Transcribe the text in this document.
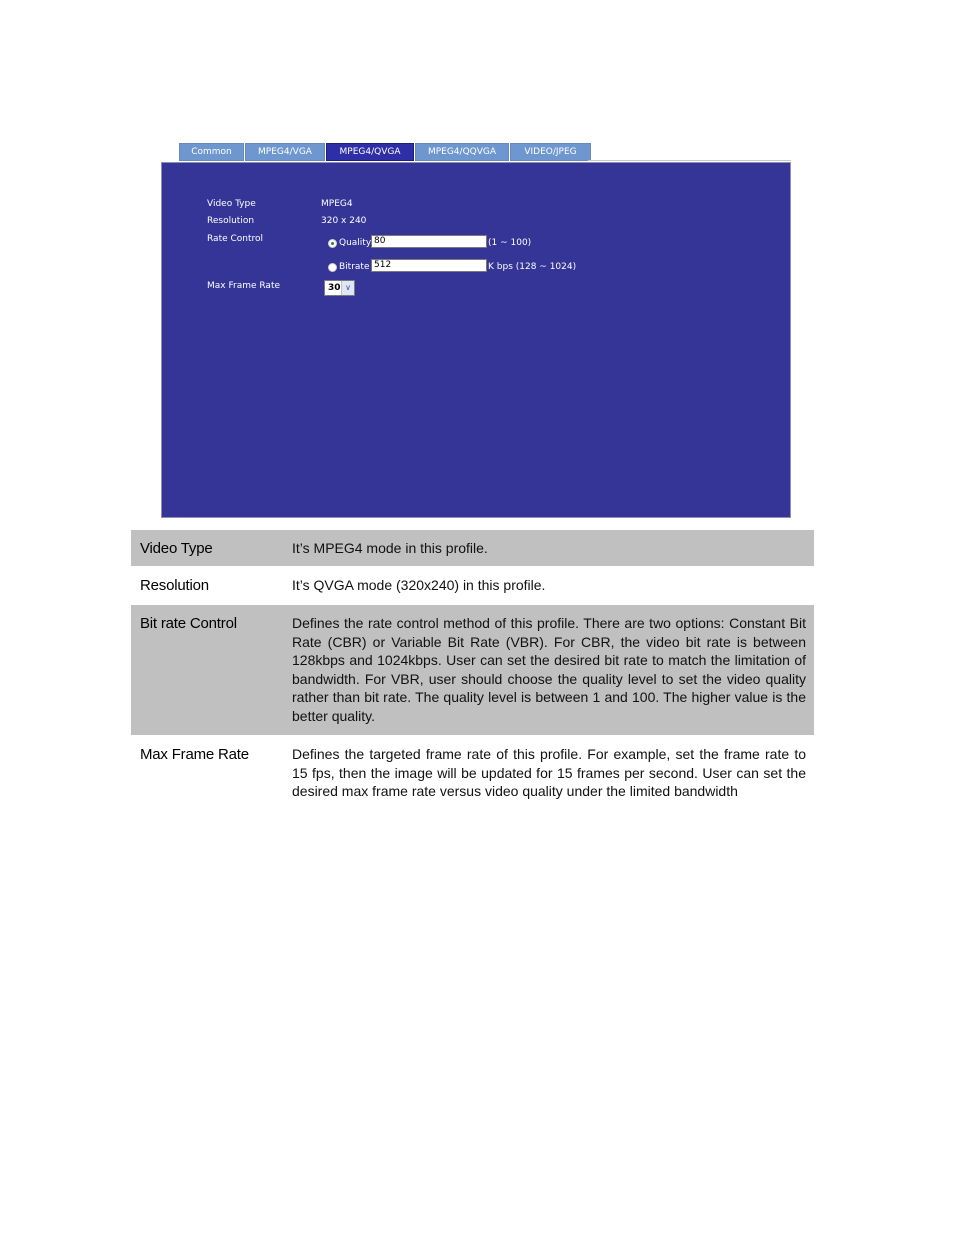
Common	MPEG4/VGA	MPEG4/QVGA	MPEG4/QQVGA	VIDEO/JPEG
Video Type	MPEG4
Resolution	320 x 240
Rate Control	Quality 80	(1 ~ 100)
Bitrate 512	K bps (128 ~ 1024)
Max Frame Rate	30 ∨
Video Type	It’s MPEG4 mode in this profile.
Resolution	It’s QVGA mode (320x240) in this profile.
Bit rate Control	Defines the rate control method of this profile. There are two options: Constant Bit Rate (CBR) or Variable Bit Rate (VBR). For CBR, the video bit rate is between 128kbps and 1024kbps. User can set the desired bit rate to match the limitation of bandwidth. For VBR, user should choose the quality level to set the video quality rather than bit rate. The quality level is between 1 and 100. The higher value is the better quality.
Max Frame Rate	Defines the targeted frame rate of this profile. For example, set the frame rate to 15 fps, then the image will be updated for 15 frames per second. User can set the desired max frame rate versus video quality under the limited bandwidth
